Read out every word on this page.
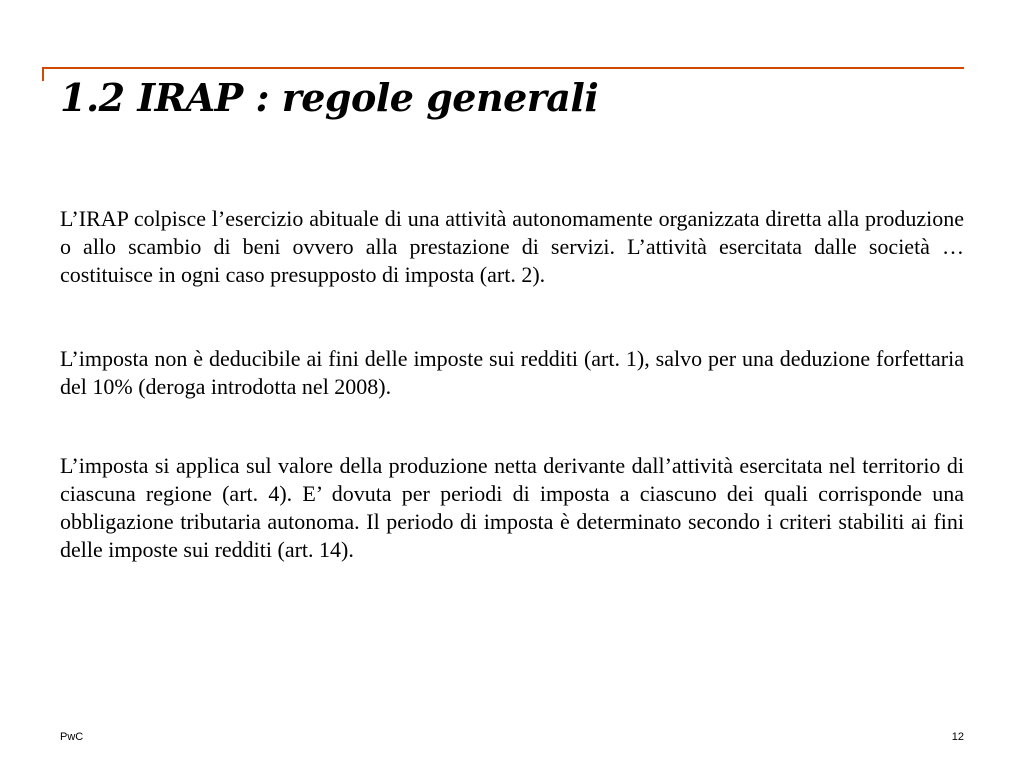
1.2 IRAP : regole generali

L’IRAP colpisce l’esercizio abituale di una attività autonomamente organizzata diretta alla produzione o allo scambio di beni ovvero alla prestazione di servizi. L’attività esercitata dalle società … costituisce in ogni caso presupposto di imposta (art. 2).

L’imposta non è deducibile ai fini delle imposte sui redditi (art. 1), salvo per una deduzione forfettaria del 10% (deroga introdotta nel 2008).

L’imposta si applica sul valore della produzione netta derivante dall’attività esercitata nel territorio di ciascuna regione (art. 4). E’ dovuta per periodi di imposta a ciascuno dei quali corrisponde una obbligazione tributaria autonoma. Il periodo di imposta è determinato secondo i criteri stabiliti ai fini delle imposte sui redditi (art. 14).

PwC	12
